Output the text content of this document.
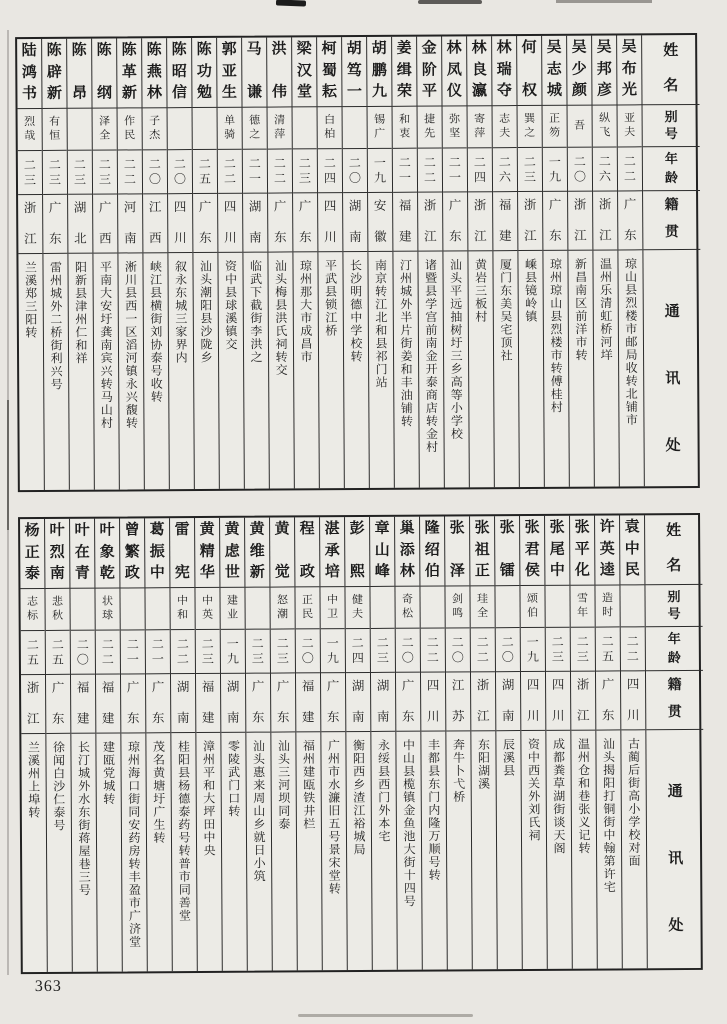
陆
鸿
书
烈
哉
二
三
浙
江
兰溪郑三阳转
陈
辟
新
有
恒
二
三
广
东
雷州城外二桥街利兴号
陈
昂
二
三
湖
北
阳新县津州仁和祥
陈
纲
泽
全
二
三
广
西
平南大安圩龚南宾兴转马山村
陈
革
新
作
民
二
二
河
南
淅川县西一区滔河镇永兴馥转
陈
燕
林
子
杰
二
〇
江
西
峡江县横街刘协泰号收转
陈
昭
信
二
〇
四
川
叙永东城三家界内
陈
功
勉
二
五
广
东
汕头潮阳县沙陇乡
郭
亚
生
单
骑
二
二
四
川
资中县球溪镇交
马
谦
德
之
二
一
湖
南
临武下截街李洪之
洪
伟
清
萍
二
二
广
东
汕头梅县洪氏祠转交
梁
汉
堂
二
三
广
东
琼州那大市成昌市
柯
蜀
耘
白
柏
二
四
四
川
平武县锁江桥
胡
笃
一
二
〇
湖
南
长沙明德中学校转
胡
鹏
九
锡
广
一
九
安
徽
南京转江北和县祁门站
姜
缉
荣
和
衷
二
一
福
建
汀州城外半片街姜和丰油铺转
金
阶
平
捷
先
二
二
浙
江
诸暨县学宫前南金开泰商店转金村
林
凤
仪
弥
坚
二
一
广
东
汕头平远抽树圩三乡高等小学校
林
良
瀛
寄
萍
二
四
浙
江
黄岩三板村
林
瑞
夺
志
夫
二
六
福
建
厦门东美吴宅顶社
何
权
巽
之
二
三
浙
江
嵊县镜岭镇
吴
志
城
正
笏
一
九
广
东
琼州琼山县烈楼市转傅桂村
吴
少
颜
吾
二
〇
浙
江
新昌南区前洋市转
吴
邦
彦
纵
飞
二
六
浙
江
温州乐清虹桥河垟
吴
布
光
亚
夫
二
二
广
东
琼山县烈楼市邮局收转北铺市
姓
名
别
号
年
龄
籍
贯
通
讯
处
杨
正
泰
志
标
二
五
浙
江
兰溪州上埠转
叶
烈
南
悲
秋
二
五
广
东
徐闻白沙仁泰号
叶
在
青
二
〇
福
建
长汀城外水东街蒋屋巷三号
叶
象
乾
状
球
二
二
福
建
建瓯党城转
曾
繁
政
二
一
广
东
琼州海口街同安药房转丰盈市广济堂
葛
振
中
二
一
广
东
茂名黄塘圩广生转
雷
宪
中
和
二
二
湖
南
桂阳县杨德泰药号转普市同善堂
黄
精
华
中
英
二
三
福
建
漳州平和大坪田中央
黄
虑
世
建
业
一
九
湖
南
零陵武门口转
黄
维
新
二
三
广
东
汕头惠来周山乡就日小筑
黄
觉
怒
潮
二
三
广
东
汕头三河坝同泰
程
政
正
民
二
〇
福
建
福州建瓯铁井栏
湛
承
培
中
卫
一
九
广
东
广州市水濂旧五号景宋堂转
彭
熙
健
夫
二
四
湖
南
衡阳西乡渣江裕城局
章
山
峰
二
三
湖
南
永绥县西门外本宅
巢
添
林
奇
松
二
〇
广
东
中山县榄镇金鱼池大街十四号
隆
绍
伯
二
二
四
川
丰都县东门内隆万顺号转
张
泽
剑
鸣
二
〇
江
苏
奔牛卜弋桥
张
祖
正
珪
全
二
二
浙
江
东阳湖溪
张
镭
二
〇
湖
南
辰溪县
张
君
侯
颂
伯
一
九
四
川
资中西关外刘氏祠
张
尾
中
二
三
四
川
成都粪草湖街谈天阁
张
平
化
雪
年
二
三
浙
江
温州仓和巷张义记转
许
英
逵
造
时
二
五
广
东
汕头揭阳打铜街中翰第许宅
袁
中
民
二
二
四
川
古蔺后街高小学校对面
姓
名
别
号
年
龄
籍
贯
通
讯
处
363
